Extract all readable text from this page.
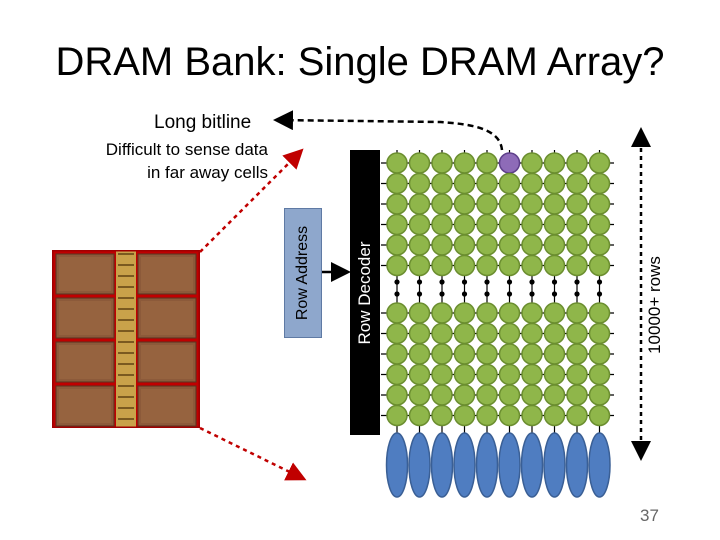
DRAM Bank: Single DRAM Array?
Long bitline
Difficult to sense data
in far away cells
Row Address	Row Decoder	10000+ rows
37
